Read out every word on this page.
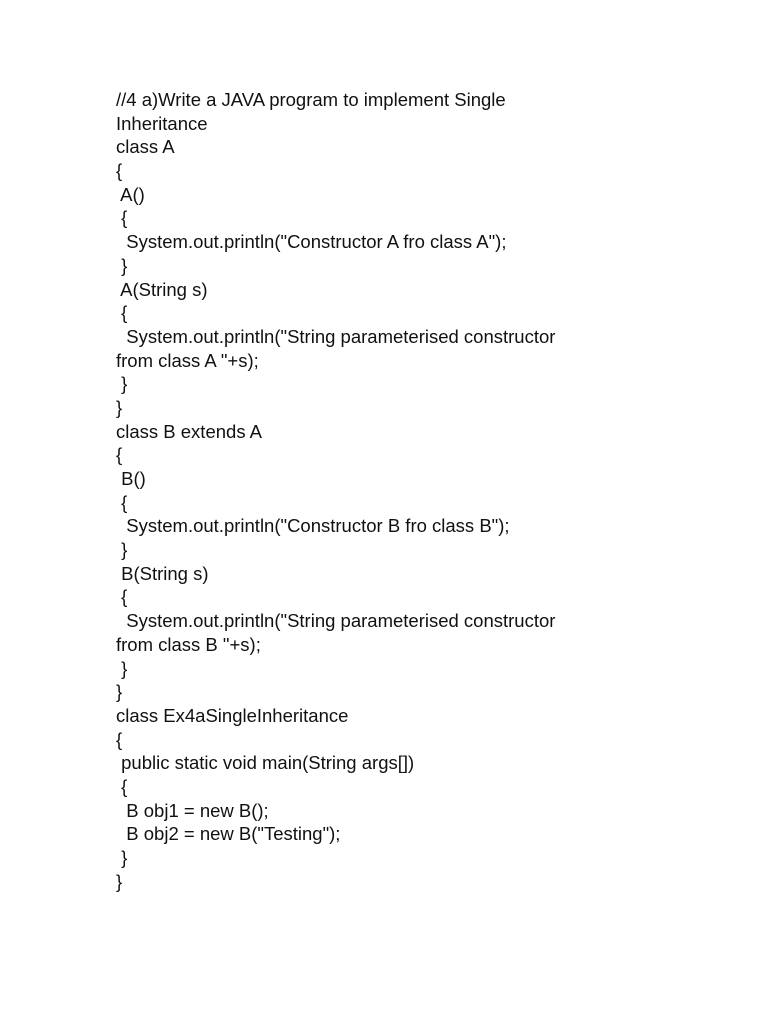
//4 a)Write a JAVA program to implement Single
Inheritance
class A
{
A()
{
System.out.println("Constructor A fro class A");
}
A(String s)
{
System.out.println("String parameterised constructor
from class A "+s);
}
}
class B extends A
{
B()
{
System.out.println("Constructor B fro class B");
}
B(String s)
{
System.out.println("String parameterised constructor
from class B "+s);
}
}
class Ex4aSingleInheritance
{
public static void main(String args[])
{
B obj1 = new B();
B obj2 = new B("Testing");
}
}
